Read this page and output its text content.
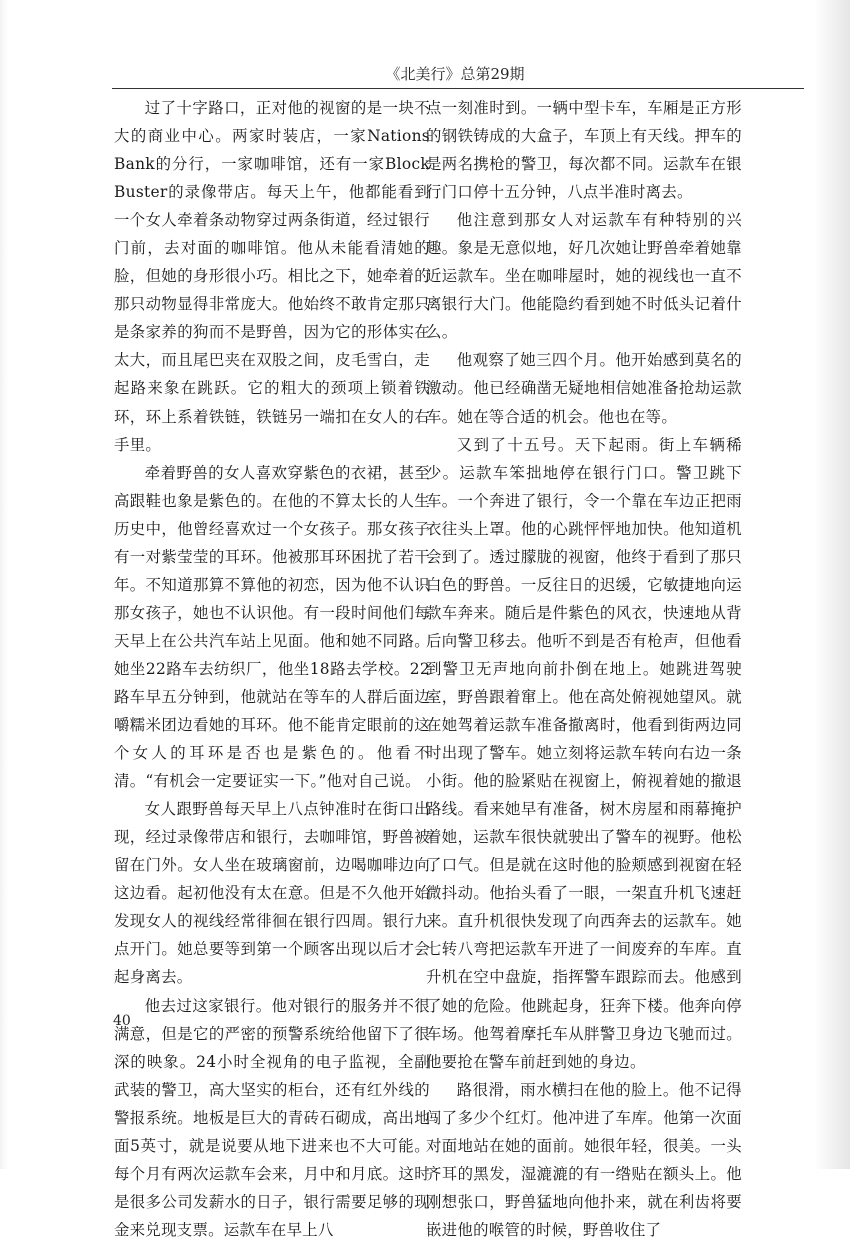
《北美行》总第29期

过了十字路口，正对他的视窗的是一块不大的商业中心。两家时装店，一家Nations Bank的分行，一家咖啡馆，还有一家Block Buster的录像带店。每天上午，他都能看到一个女人牵着条动物穿过两条街道，经过银行门前，去对面的咖啡馆。他从未能看清她的脸，但她的身形很小巧。相比之下，她牵着的那只动物显得非常庞大。他始终不敢肯定那只是条家养的狗而不是野兽，因为它的形体实在太大，而且尾巴夹在双股之间，皮毛雪白，走起路来象在跳跃。它的粗大的颈项上锁着铁环，环上系着铁链，铁链另一端扣在女人的右手里。

牵着野兽的女人喜欢穿紫色的衣裙，甚至高跟鞋也象是紫色的。在他的不算太长的人生历史中，他曾经喜欢过一个女孩子。那女孩子有一对紫莹莹的耳环。他被那耳环困扰了若干年。不知道那算不算他的初恋，因为他不认识那女孩子，她也不认识他。有一段时间他们每天早上在公共汽车站上见面。他和她不同路。她坐22路车去纺织厂，他坐18路去学校。22路车早五分钟到，他就站在等车的人群后面边嚼糯米团边看她的耳环。他不能肯定眼前的这个女人的耳环是否也是紫色的。他看不清。“有机会一定要证实一下。”他对自己说。

女人跟野兽每天早上八点钟准时在街口出现，经过录像带店和银行，去咖啡馆，野兽被留在门外。女人坐在玻璃窗前，边喝咖啡边向这边看。起初他没有太在意。但是不久他开始发现女人的视线经常徘徊在银行四周。银行九点开门。她总要等到第一个顾客出现以后才会起身离去。

他去过这家银行。他对银行的服务并不很满意，但是它的严密的预警系统给他留下了很深的映象。24小时全视角的电子监视，全副武装的警卫，高大坚实的柜台，还有红外线的警报系统。地板是巨大的青砖石砌成，高出地面5英寸，就是说要从地下进来也不大可能。每个月有两次运款车会来，月中和月底。这时是很多公司发薪水的日子，银行需要足够的现金来兑现支票。运款车在早上八

点一刻准时到。一辆中型卡车，车厢是正方形的钢铁铸成的大盒子，车顶上有天线。押车的是两名携枪的警卫，每次都不同。运款车在银行门口停十五分钟，八点半准时离去。

他注意到那女人对运款车有种特别的兴趣。象是无意似地，好几次她让野兽牵着她靠近运款车。坐在咖啡屋时，她的视线也一直不离银行大门。他能隐约看到她不时低头记着什么。

他观察了她三四个月。他开始感到莫名的激动。他已经确凿无疑地相信她准备抢劫运款车。她在等合适的机会。他也在等。

又到了十五号。天下起雨。街上车辆稀少。运款车笨拙地停在银行门口。警卫跳下车。一个奔进了银行，令一个靠在车边正把雨衣往头上罩。他的心跳怦怦地加快。他知道机会到了。透过朦胧的视窗，他终于看到了那只白色的野兽。一反往日的迟缓，它敏捷地向运款车奔来。随后是件紫色的风衣，快速地从背后向警卫移去。他听不到是否有枪声，但他看到警卫无声地向前扑倒在地上。她跳进驾驶室，野兽跟着窜上。他在高处俯视她望风。就在她驾着运款车准备撤离时，他看到街两边同时出现了警车。她立刻将运款车转向右边一条小街。他的脸紧贴在视窗上，俯视着她的撤退路线。看来她早有准备，树木房屋和雨幕掩护着她，运款车很快就驶出了警车的视野。他松了口气。但是就在这时他的脸颊感到视窗在轻微抖动。他抬头看了一眼，一架直升机飞速赶来。直升机很快发现了向西奔去的运款车。她七转八弯把运款车开进了一间废弃的车库。直升机在空中盘旋，指挥警车跟踪而去。他感到了她的危险。他跳起身，狂奔下楼。他奔向停车场。他驾着摩托车从胖警卫身边飞驰而过。他要抢在警车前赶到她的身边。

路很滑，雨水横扫在他的脸上。他不记得闯了多少个红灯。他冲进了车库。他第一次面对面地站在她的面前。她很年轻，很美。一头齐耳的黑发，湿漉漉的有一绺贴在额头上。他刚想张口，野兽猛地向他扑来，就在利齿将要嵌进他的喉管的时候，野兽收住了

40
